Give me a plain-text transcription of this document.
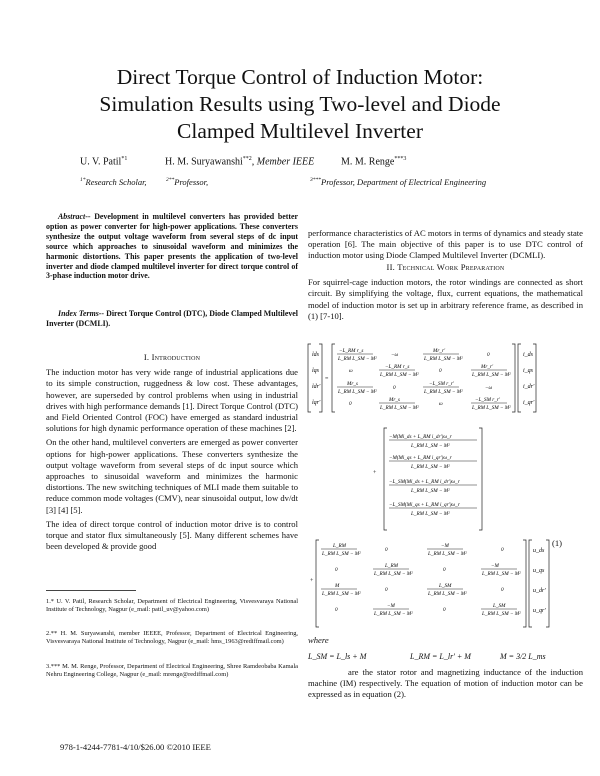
Direct Torque Control of Induction Motor:
Simulation Results using Two-level and Diode
Clamped Multilevel Inverter
U. V. Patil$^{*1}$	H. M. Suryawanshi$^{**2}$, Member IEEE	M. M. Renge$^{***3}$
$^{1*}$Research Scholar,	$^{2**}$Professor,	$^{3***}$Professor, Department of Electrical Engineering
Abstract-- Development in multilevel converters has provided better option as power converter for high-power applications. These converters synthesize the output voltage waveform from several steps of dc input source which approaches to sinusoidal waveform and minimizes the harmonic distortions. This paper presents the application of two-level inverter and diode clamped multilevel inverter for direct torque control of 3-phase induction motor drive.
Index Terms-- Direct Torque Control (DTC), Diode Clamped Multilevel Inverter (DCMLI).
I. Introduction

The induction motor has very wide range of industrial applications due to its simple construction, ruggedness & low cost. These advantages, however, are superseded by control problems when using in industrial drives with high performance demands [1]. Direct Torque Control (DTC) and Field Oriented Control (FOC) have emerged as standard industrial solutions for high dynamic performance operation of these machines [2].

On the other hand, multilevel converters are emerged as power converter options for high-power applications. These converters synthesize the output voltage waveform from several steps of dc input source which approaches to sinusoidal waveform and minimizes the harmonic distortions. The new switching techniques of MLI made them suitable to reduce common mode voltages (CMV), near sinusoidal output, low dv/dt [3] [4] [5].

The idea of direct torque control of induction motor drive is to control torque and stator flux simultaneously [5]. Many different schemes have been developed & provide good

1.* U. V. Patil, Research Scholar, Department of Electrical Engineering, Visvesvaraya National Institute of Technology, Nagpur (e_mail: patil_uv@yahoo.com)
2.** H. M. Suryawanshi, member IEEEE, Professor, Department of Electrical Engineering, Visvesvaraya National Institute of Technology, Nagpur (e_mail: hms_1963@rediffmail.com)
3.*** M. M. Renge, Professor, Department of Electrical Engineering, Shree Ramdeobaba Kamala Nehru Engineering College, Nagpur (e_mail: mrenge@rediffmail.com)
978-1-4244-7781-4/10/$26.00 ©2010 IEEE
performance characteristics of AC motors in terms of dynamics and steady state operation [6]. The main objective of this paper is to use DTC control of induction motor using Diode Clamped Multilevel Inverter (DCMLI).
II. Technical Work Preparation

For squirrel-cage induction motors, the rotor windings are connected as short circuit. By simplifying the voltage, flux, current equations, the mathematical model of induction motor is set up in arbitrary reference frame, as described in (1) [7-10].

i̇ds
i̇qs
i̇dr'
i̇qr'
=
−L_RM r_s
L_RM L_SM − M²
−ω
Mr_r'
L_RM L_SM − M²
0
ω
−L_RM r_s
L_RM L_SM − M²
0
Mr_r'
L_RM L_SM − M²
Mr_s
L_RM L_SM − M²
0
−L_SM r_r'
L_RM L_SM − M²
−ω
0
Mr_s
L_RM L_SM − M²
ω
−L_SM r_r'
L_RM L_SM − M²
i_ds
i_qs
i_dr'
i_qr'
+
−M(Mi_ds + L_RM i_dr')ω_r
L_RM L_SM − M²
−M(Mi_qs + L_RM i_qr')ω_r
L_RM L_SM − M²
−L_SM(Mi_ds + L_RM i_dr')ω_r
L_RM L_SM − M²
−L_SM(Mi_qs + L_RM i_qr')ω_r
L_RM L_SM − M²
+
L_RM
L_RM L_SM − M²
0
−M
L_RM L_SM − M²
0
0
L_RM
L_RM L_SM − M²
0
−M
L_RM L_SM − M²
M
L_RM L_SM − M²
0
L_SM
L_RM L_SM − M²
0
0
−M
L_RM L_SM − M²
0
L_SM
L_RM L_SM − M²
u_ds
u_qs
u_dr'
u_qr'
(1)
where
L_SM = L_ls + M	L_RM = L_lr' + M	M = 3/2 L_ms
are the stator rotor and magnetizing inductance of the induction machine (IM) respectively. The equation of motion of induction motor can be expressed as in equation (2).
